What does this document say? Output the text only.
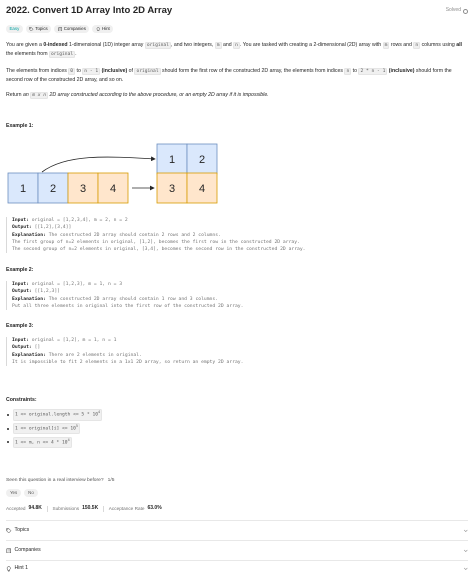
2022. Convert 1D Array Into 2D Array	Solved
Easy	Topics	Companies	Hint
You are given a 0-indexed 1-dimensional (1D) integer array original , and two integers, m and n . You are tasked with creating a 2-dimensional (2D) array with m rows and n columns using all the elements from original .
The elements from indices 0 to n - 1 (inclusive) of original should form the first row of the constructed 2D array, the elements from indices n to 2 * n - 1 (inclusive) should form the second row of the constructed 2D array, and so on.
Return an m x n 2D array constructed according to the above procedure, or an empty 2D array if it is impossible.
Example 1:
1 2 3 4
1 2
3 4
Input: original = [1,2,3,4], m = 2, n = 2
Output: [[1,2],[3,4]]
Explanation: The constructed 2D array should contain 2 rows and 2 columns.
The first group of n=2 elements in original, [1,2], becomes the first row in the constructed 2D array.
The second group of n=2 elements in original, [3,4], becomes the second row in the constructed 2D array.
Example 2:
Input: original = [1,2,3], m = 1, n = 3
Output: [[1,2,3]]
Explanation: The constructed 2D array should contain 1 row and 3 columns.
Put all three elements in original into the first row of the constructed 2D array.
Example 3:
Input: original = [1,2], m = 1, n = 1
Output: []
Explanation: There are 2 elements in original.
It is impossible to fit 2 elements in a 1x1 2D array, so return an empty 2D array.
Constraints:
1 <= original.length <= $5 * 10^4$
1 <= original[i] <= $10^5$
1 <= m, $n <= 4 * 10^4$
Seen this question in a real interview before? 1/5
Yes	No
Accepted 94.8K Submissions 150.5K Acceptance Rate 63.0%
Topics
Companies
Hint 1
